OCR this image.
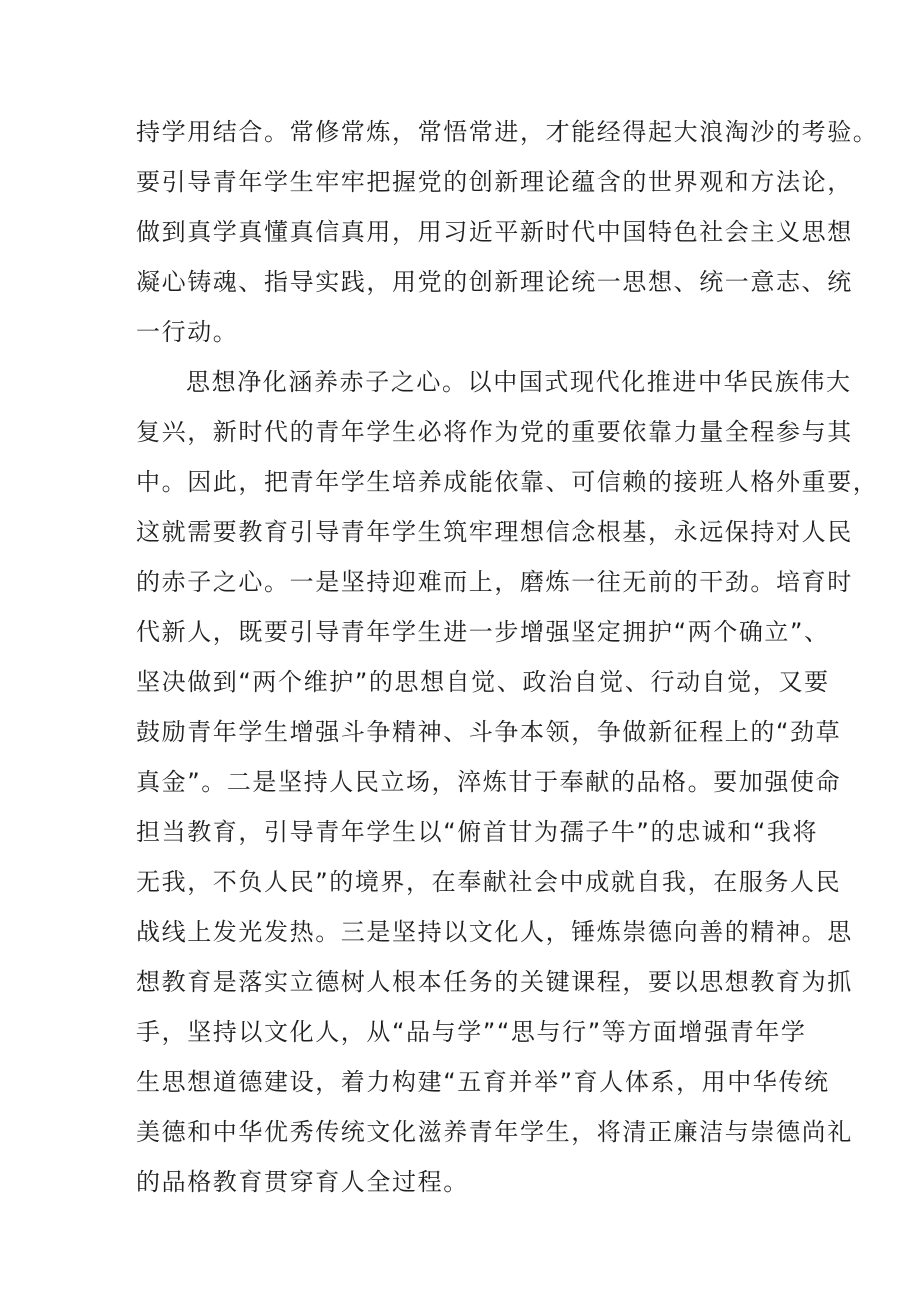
持学用结合。常修常炼，常悟常进，才能经得起大浪淘沙的考验。
要引导青年学生牢牢把握党的创新理论蕴含的世界观和方法论，
做到真学真懂真信真用，用习近平新时代中国特色社会主义思想
凝心铸魂、指导实践，用党的创新理论统一思想、统一意志、统
一行动。
思想净化涵养赤子之心。以中国式现代化推进中华民族伟大
复兴，新时代的青年学生必将作为党的重要依靠力量全程参与其
中。因此，把青年学生培养成能依靠、可信赖的接班人格外重要，
这就需要教育引导青年学生筑牢理想信念根基，永远保持对人民
的赤子之心。一是坚持迎难而上，磨炼一往无前的干劲。培育时
代新人，既要引导青年学生进一步增强坚定拥护“两个确立”、
坚决做到“两个维护”的思想自觉、政治自觉、行动自觉，又要
鼓励青年学生增强斗争精神、斗争本领，争做新征程上的“劲草
真金”。二是坚持人民立场，淬炼甘于奉献的品格。要加强使命
担当教育，引导青年学生以“俯首甘为孺子牛”的忠诚和“我将
无我，不负人民”的境界，在奉献社会中成就自我，在服务人民
战线上发光发热。三是坚持以文化人，锤炼崇德向善的精神。思
想教育是落实立德树人根本任务的关键课程，要以思想教育为抓
手，坚持以文化人，从“品与学”“思与行”等方面增强青年学
生思想道德建设，着力构建“五育并举”育人体系，用中华传统
美德和中华优秀传统文化滋养青年学生，将清正廉洁与崇德尚礼
的品格教育贯穿育人全过程。
